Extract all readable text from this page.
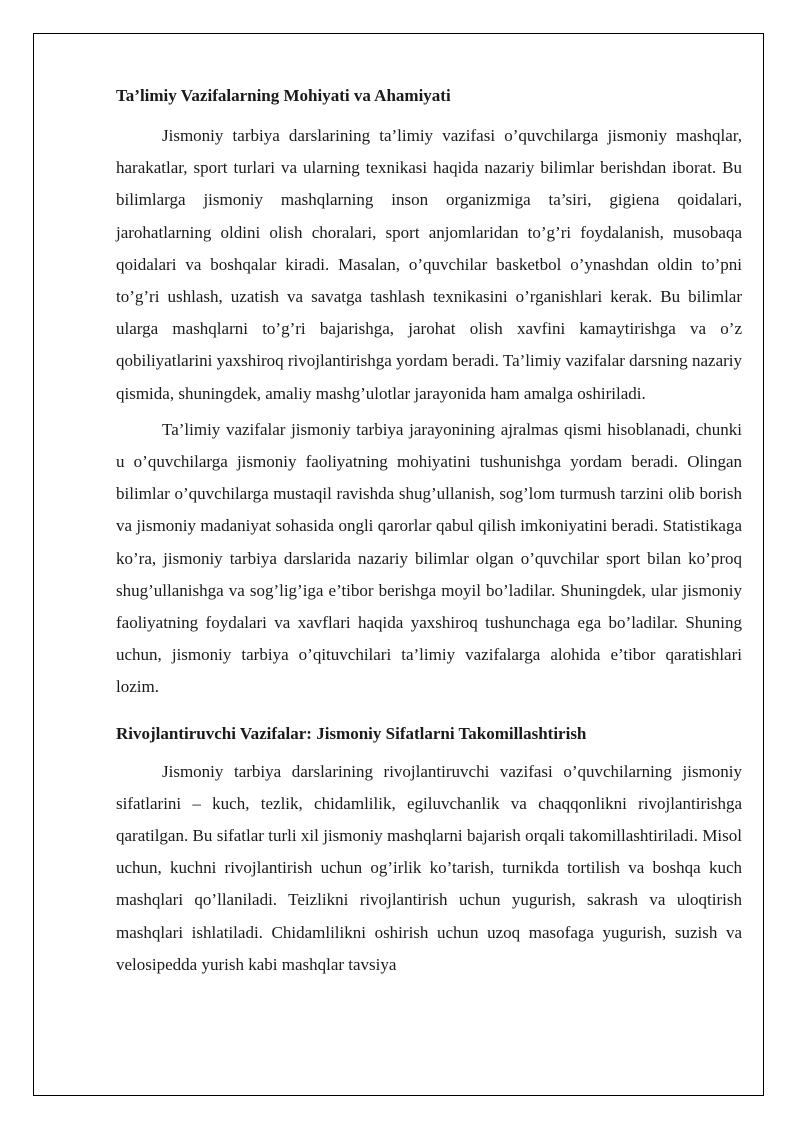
Ta’limiy Vazifalarning Mohiyati va Ahamiyati

Jismoniy tarbiya darslarining ta’limiy vazifasi o’quvchilarga jismoniy mashqlar, harakatlar, sport turlari va ularning texnikasi haqida nazariy bilimlar berishdan iborat. Bu bilimlarga jismoniy mashqlarning inson organizmiga ta’siri, gigiena qoidalari, jarohatlarning oldini olish choralari, sport anjomlaridan to’g’ri foydalanish, musobaqa qoidalari va boshqalar kiradi. Masalan, o’quvchilar basketbol o’ynashdan oldin to’pni to’g’ri ushlash, uzatish va savatga tashlash texnikasini o’rganishlari kerak. Bu bilimlar ularga mashqlarni to’g’ri bajarishga, jarohat olish xavfini kamaytirishga va o’z qobiliyatlarini yaxshiroq rivojlantirishga yordam beradi. Ta’limiy vazifalar darsning nazariy qismida, shuningdek, amaliy mashg’ulotlar jarayonida ham amalga oshiriladi.

Ta’limiy vazifalar jismoniy tarbiya jarayonining ajralmas qismi hisoblanadi, chunki u o’quvchilarga jismoniy faoliyatning mohiyatini tushunishga yordam beradi. Olingan bilimlar o’quvchilarga mustaqil ravishda shug’ullanish, sog’lom turmush tarzini olib borish va jismoniy madaniyat sohasida ongli qarorlar qabul qilish imkoniyatini beradi. Statistikaga ko’ra, jismoniy tarbiya darslarida nazariy bilimlar olgan o’quvchilar sport bilan ko’proq shug’ullanishga va sog’lig’iga e’tibor berishga moyil bo’ladilar. Shuningdek, ular jismoniy faoliyatning foydalari va xavflari haqida yaxshiroq tushunchaga ega bo’ladilar. Shuning uchun, jismoniy tarbiya o’qituvchilari ta’limiy vazifalarga alohida e’tibor qaratishlari lozim.

Rivojlantiruvchi Vazifalar: Jismoniy Sifatlarni Takomillashtirish

Jismoniy tarbiya darslarining rivojlantiruvchi vazifasi o’quvchilarning jismoniy sifatlarini – kuch, tezlik, chidamlilik, egiluvchanlik va chaqqonlikni rivojlantirishga qaratilgan. Bu sifatlar turli xil jismoniy mashqlarni bajarish orqali takomillashtiriladi. Misol uchun, kuchni rivojlantirish uchun og’irlik ko’tarish, turnikda tortilish va boshqa kuch mashqlari qo’llaniladi. Teizlikni rivojlantirish uchun yugurish, sakrash va uloqtirish mashqlari ishlatiladi. Chidamlilikni oshirish uchun uzoq masofaga yugurish, suzish va velosipedda yurish kabi mashqlar tavsiya
